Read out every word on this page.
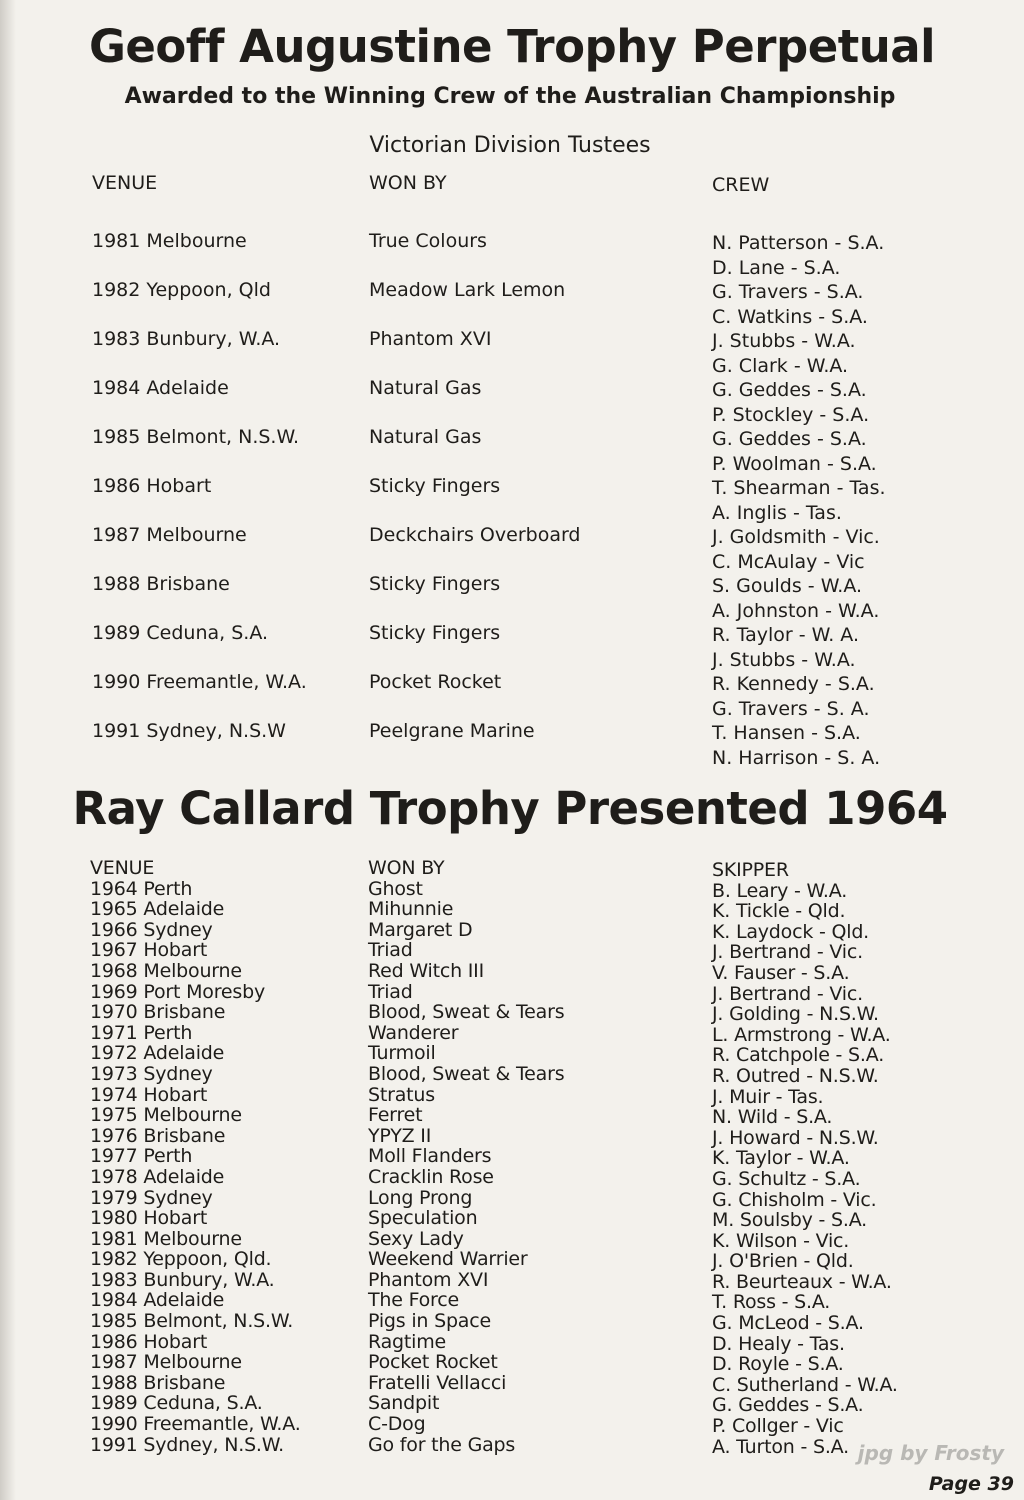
Geoff Augustine Trophy Perpetual
Awarded to the Winning Crew of the Australian Championship
Victorian Division Tustees
VENUE	WON BY	CREW
1981 Melbourne	True Colours	N. Patterson - S.A.
D. Lane - S.A.
1982 Yeppoon, Qld	Meadow Lark Lemon	G. Travers - S.A.
C. Watkins - S.A.
1983 Bunbury, W.A.	Phantom XVI	J. Stubbs - W.A.
G. Clark - W.A.
1984 Adelaide	Natural Gas	G. Geddes - S.A.
P. Stockley - S.A.
1985 Belmont, N.S.W.	Natural Gas	G. Geddes - S.A.
P. Woolman - S.A.
1986 Hobart	Sticky Fingers	T. Shearman - Tas.
A. Inglis - Tas.
1987 Melbourne	Deckchairs Overboard	J. Goldsmith - Vic.
C. McAulay - Vic
1988 Brisbane	Sticky Fingers	S. Goulds - W.A.
A. Johnston - W.A.
1989 Ceduna, S.A.	Sticky Fingers	R. Taylor - W. A.
J. Stubbs - W.A.
1990 Freemantle, W.A.	Pocket Rocket	R. Kennedy - S.A.
G. Travers - S. A.
1991 Sydney, N.S.W	Peelgrane Marine	T. Hansen - S.A.
N. Harrison - S. A.
Ray Callard Trophy Presented 1964
VENUE	WON BY	SKIPPER
1964 Perth	Ghost	B. Leary - W.A.
1965 Adelaide	Mihunnie	K. Tickle - Qld.
1966 Sydney	Margaret D	K. Laydock - Qld.
1967 Hobart	Triad	J. Bertrand - Vic.
1968 Melbourne	Red Witch III	V. Fauser - S.A.
1969 Port Moresby	Triad	J. Bertrand - Vic.
1970 Brisbane	Blood, Sweat & Tears	J. Golding - N.S.W.
1971 Perth	Wanderer	L. Armstrong - W.A.
1972 Adelaide	Turmoil	R. Catchpole - S.A.
1973 Sydney	Blood, Sweat & Tears	R. Outred - N.S.W.
1974 Hobart	Stratus	J. Muir - Tas.
1975 Melbourne	Ferret	N. Wild - S.A.
1976 Brisbane	YPYZ II	J. Howard - N.S.W.
1977 Perth	Moll Flanders	K. Taylor - W.A.
1978 Adelaide	Cracklin Rose	G. Schultz - S.A.
1979 Sydney	Long Prong	G. Chisholm - Vic.
1980 Hobart	Speculation	M. Soulsby - S.A.
1981 Melbourne	Sexy Lady	K. Wilson - Vic.
1982 Yeppoon, Qld.	Weekend Warrier	J. O'Brien - Qld.
1983 Bunbury, W.A.	Phantom XVI	R. Beurteaux - W.A.
1984 Adelaide	The Force	T. Ross - S.A.
1985 Belmont, N.S.W.	Pigs in Space	G. McLeod - S.A.
1986 Hobart	Ragtime	D. Healy - Tas.
1987 Melbourne	Pocket Rocket	D. Royle - S.A.
1988 Brisbane	Fratelli Vellacci	C. Sutherland - W.A.
1989 Ceduna, S.A.	Sandpit	G. Geddes - S.A.
1990 Freemantle, W.A.	C-Dog	P. Collger - Vic
1991 Sydney, N.S.W.	Go for the Gaps	A. Turton - S.A. jpg by Frosty
Page 39
